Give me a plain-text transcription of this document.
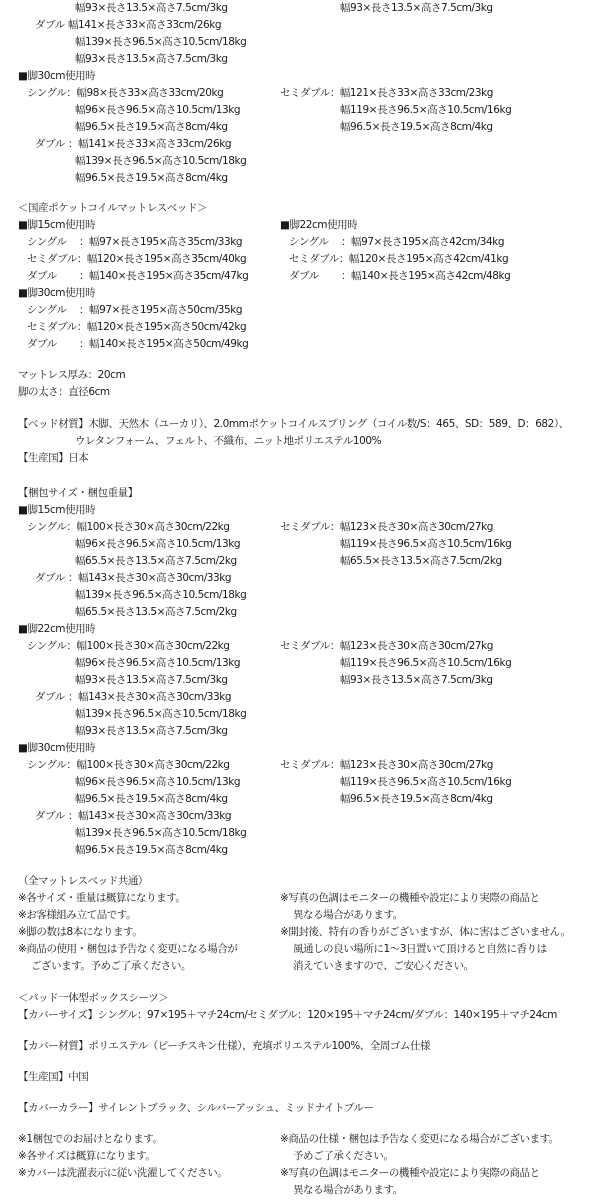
幅93×長さ13.5×高さ7.5cm/3kg
ダブル 幅141×長さ33×高さ33cm/26kg
幅139×長さ96.5×高さ10.5cm/18kg
幅93×長さ13.5×高さ7.5cm/3kg
■脚30cm使用時
シングル：幅98×長さ33×高さ33cm/20kg
幅96×長さ96.5×高さ10.5cm/13kg
幅96.5×長さ19.5×高さ8cm/4kg
ダブル ：幅141×長さ33×高さ33cm/26kg
幅139×長さ96.5×高さ10.5cm/18kg
幅96.5×長さ19.5×高さ8cm/4kg
幅93×長さ13.5×高さ7.5cm/3kg
セミダブル：幅121×長さ33×高さ33cm/23kg
幅119×長さ96.5×高さ10.5cm/16kg
幅96.5×長さ19.5×高さ8cm/4kg
＜国産ポケットコイルマットレスベッド＞
■脚15cm使用時
シングル ：幅97×長さ195×高さ35cm/33kg
セミダブル：幅120×長さ195×高さ35cm/40kg
ダブル ：幅140×長さ195×高さ35cm/47kg
■脚30cm使用時
シングル ：幅97×長さ195×高さ50cm/35kg
セミダブル：幅120×長さ195×高さ50cm/42kg
ダブル ：幅140×長さ195×高さ50cm/49kg
■脚22cm使用時
シングル ：幅97×長さ195×高さ42cm/34kg
セミダブル：幅120×長さ195×高さ42cm/41kg
ダブル ：幅140×長さ195×高さ42cm/48kg
マットレス厚み：20cm
脚の太さ：直径6cm
【ベッド材質】木脚、天然木（ユーカリ）、2.0mmポケットコイルスプリング（コイル数/S：465、SD：589、D：682）、
ウレタンフォーム、フェルト、不織布、ニット地ポリエステル100%
【生産国】日本
【梱包サイズ・梱包重量】
■脚15cm使用時
シングル：幅100×長さ30×高さ30cm/22kg
幅96×長さ96.5×高さ10.5cm/13kg
幅65.5×長さ13.5×高さ7.5cm/2kg
ダブル ：幅143×長さ30×高さ30cm/33kg
幅139×長さ96.5×高さ10.5cm/18kg
幅65.5×長さ13.5×高さ7.5cm/2kg
■脚22cm使用時
シングル：幅100×長さ30×高さ30cm/22kg
幅96×長さ96.5×高さ10.5cm/13kg
幅93×長さ13.5×高さ7.5cm/3kg
ダブル ：幅143×長さ30×高さ30cm/33kg
幅139×長さ96.5×高さ10.5cm/18kg
幅93×長さ13.5×高さ7.5cm/3kg
■脚30cm使用時
シングル：幅100×長さ30×高さ30cm/22kg
幅96×長さ96.5×高さ10.5cm/13kg
幅96.5×長さ19.5×高さ8cm/4kg
ダブル ：幅143×長さ30×高さ30cm/33kg
幅139×長さ96.5×高さ10.5cm/18kg
幅96.5×長さ19.5×高さ8cm/4kg
セミダブル：幅123×長さ30×高さ30cm/27kg
幅119×長さ96.5×高さ10.5cm/16kg
幅65.5×長さ13.5×高さ7.5cm/2kg
セミダブル：幅123×長さ30×高さ30cm/27kg
幅119×長さ96.5×高さ10.5cm/16kg
幅93×長さ13.5×高さ7.5cm/3kg
セミダブル：幅123×長さ30×高さ30cm/27kg
幅119×長さ96.5×高さ10.5cm/16kg
幅96.5×長さ19.5×高さ8cm/4kg
（全マットレスベッド共通）
※各サイズ・重量は概算になります。
※お客様組み立て品です。
※脚の数は8本になります。
※商品の使用・梱包は予告なく変更になる場合が
ございます。予めご了承ください。
※写真の色調はモニターの機種や設定により実際の商品と
異なる場合があります。
※開封後、特有の香りがございますが、体に害はございません。
風通しの良い場所に1～3日置いて頂けると自然に香りは
消えていきますので、ご安心ください。
＜パッド一体型ボックスシーツ＞
【カバーサイズ】シングル：97×195＋マチ24cm/セミダブル：120×195＋マチ24cm/ダブル：140×195＋マチ24cm
【カバー材質】ポリエステル（ピーチスキン仕様）、充填ポリエステル100%、全周ゴム仕様
【生産国】中国
【カバーカラー】サイレントブラック、シルバーアッシュ、ミッドナイトブルー
※1梱包でのお届けとなります。
※各サイズは概算になります。
※カバーは洗濯表示に従い洗濯してください。
※商品の仕様・梱包は予告なく変更になる場合がございます。
予めご了承ください。
※写真の色調はモニターの機種や設定により実際の商品と
異なる場合があります。
